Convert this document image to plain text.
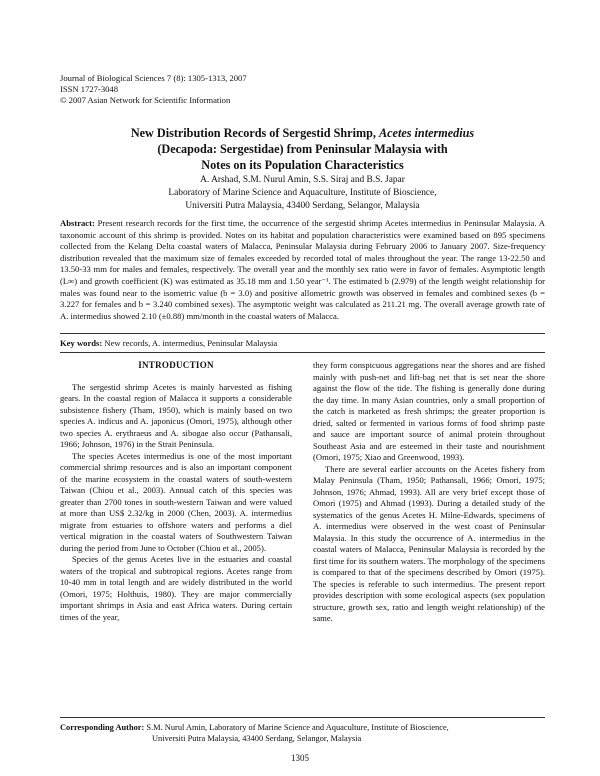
Journal of Biological Sciences 7 (8): 1305-1313, 2007
ISSN 1727-3048
© 2007 Asian Network for Scientific Information
New Distribution Records of Sergestid Shrimp, Acetes intermedius
(Decapoda: Sergestidae) from Peninsular Malaysia with
Notes on its Population Characteristics
A. Arshad, S.M. Nurul Amin, S.S. Siraj and B.S. Japar
Laboratory of Marine Science and Aquaculture, Institute of Bioscience,
Universiti Putra Malaysia, 43400 Serdang, Selangor, Malaysia
Abstract: Present research records for the first time, the occurrence of the sergestid shrimp Acetes intermedius in Peninsular Malaysia. A taxonomic account of this shrimp is provided. Notes on its habitat and population characteristics were examined based on 895 specimens collected from the Kelang Delta coastal waters of Malacca, Peninsular Malaysia during February 2006 to January 2007. Size-frequency distribution revealed that the maximum size of females exceeded by recorded total of males throughout the year. The range 13-22.50 and 13.50-33 mm for males and females, respectively. The overall year and the monthly sex ratio were in favor of females. Asymptotic length (L∞) and growth coefficient (K) was estimated as 35.18 mm and 1.50 year⁻¹. The estimated b (2.979) of the length weight relationship for males was found near to the isometric value (b = 3.0) and positive allometric growth was observed in females and combined sexes (b = 3.227 for females and b = 3.240 combined sexes). The asymptotic weight was calculated as 211.21 mg. The overall average growth rate of A. intermedius showed 2.10 (±0.88) mm/month in the coastal waters of Malacca.
Key words: New records, A. intermedius, Peninsular Malaysia
INTRODUCTION

The sergestid shrimp Acetes is mainly harvested as fishing gears. In the coastal region of Malacca it supports a considerable subsistence fishery (Tham, 1950), which is mainly based on two species A. indicus and A. japonicus (Omori, 1975), although other two species A. erythraeus and A. sibogae also occur (Pathansali, 1966; Johnson, 1976) in the Strait Peninsula.

The species Acetes intermedius is one of the most important commercial shrimp resources and is also an important component of the marine ecosystem in the coastal waters of south-western Taiwan (Chiou et al., 2003). Annual catch of this species was greater than 2700 tones in south-western Taiwan and were valued at more than US$ 2.32/kg in 2000 (Chen, 2003). A. intermedius migrate from estuaries to offshore waters and performs a diel vertical migration in the coastal waters of Southwestern Taiwan during the period from June to October (Chiou et al., 2005).

Species of the genus Acetes live in the estuaries and coastal waters of the tropical and subtropical regions. Acetes range from 10-40 mm in total length and are widely distributed in the world (Omori, 1975; Holthuis, 1980). They are major commercially important shrimps in Asia and east Africa waters. During certain times of the year,

they form conspicuous aggregations near the shores and are fished mainly with push-net and lift-bag net that is set near the shore against the flow of the tide. The fishing is generally done during the day time. In many Asian countries, only a small proportion of the catch is marketed as fresh shrimps; the greater proportion is dried, salted or fermented in various forms of food shrimp paste and sauce are important source of animal protein throughout Southeast Asia and are esteemed in their taste and nourishment (Omori, 1975; Xiao and Greenwood, 1993).

There are several earlier accounts on the Acetes fishery from Malay Peninsula (Tham, 1950; Pathansali, 1966; Omori, 1975; Johnson, 1976; Ahmad, 1993). All are very brief except those of Omori (1975) and Ahmad (1993). During a detailed study of the systematics of the genus Acetes H. Milne-Edwards, specimens of A. intermedius were observed in the west coast of Peninsular Malaysia. In this study the occurrence of A. intermedius in the coastal waters of Malacca, Peninsular Malaysia is recorded by the first time for its southern waters. The morphology of the specimens is compared to that of the specimens described by Omori (1975). The species is referable to such intermedius. The present report provides description with some ecological aspects (sex population structure, growth sex, ratio and length weight relationship) of the same.

Corresponding Author: S.M. Nurul Amin, Laboratory of Marine Science and Aquaculture, Institute of Bioscience,
Universiti Putra Malaysia, 43400 Serdang, Selangor, Malaysia
1305
